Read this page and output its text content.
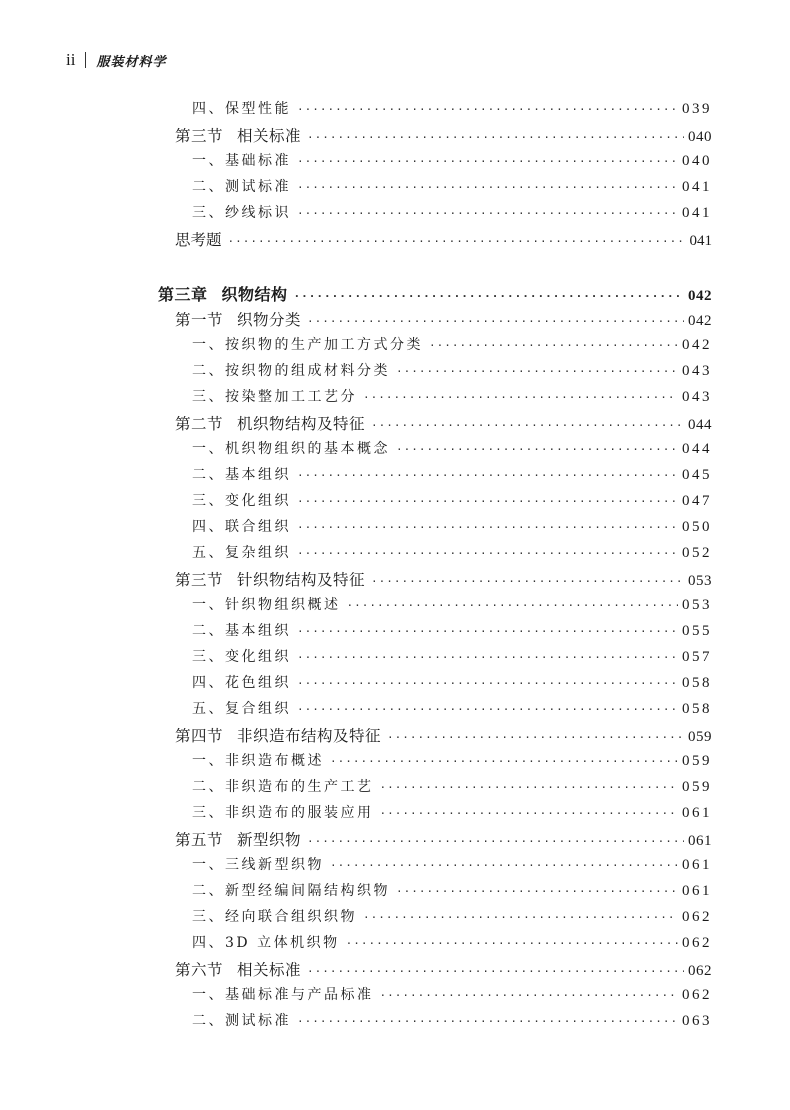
ii 服装材料学
四、保型性能 ·····	039
第三节 相关标准 ·····	040
一、基础标准 ·····	040
二、测试标准 ·····	041
三、纱线标识 ·····	041
思考题 ·····	041
第三章 织物结构 ·····	042
第一节 织物分类 ·····	042
一、按织物的生产加工方式分类 ·····	042
二、按织物的组成材料分类 ·····	043
三、按染整加工工艺分 ·····	043
第二节 机织物结构及特征 ·····	044
一、机织物组织的基本概念 ·····	044
二、基本组织 ·····	045
三、变化组织 ·····	047
四、联合组织 ·····	050
五、复杂组织 ·····	052
第三节 针织物结构及特征 ·····	053
一、针织物组织概述 ·····	053
二、基本组织 ·····	055
三、变化组织 ·····	057
四、花色组织 ·····	058
五、复合组织 ·····	058
第四节 非织造布结构及特征 ·····	059
一、非织造布概述 ·····	059
二、非织造布的生产工艺 ·····	059
三、非织造布的服装应用 ·····	061
第五节 新型织物 ·····	061
一、三线新型织物 ·····	061
二、新型经编间隔结构织物 ·····	061
三、经向联合组织织物 ·····	062
四、3D 立体机织物 ·····	062
第六节 相关标准 ·····	062
一、基础标准与产品标准 ·····	062
二、测试标准 ·····	063
